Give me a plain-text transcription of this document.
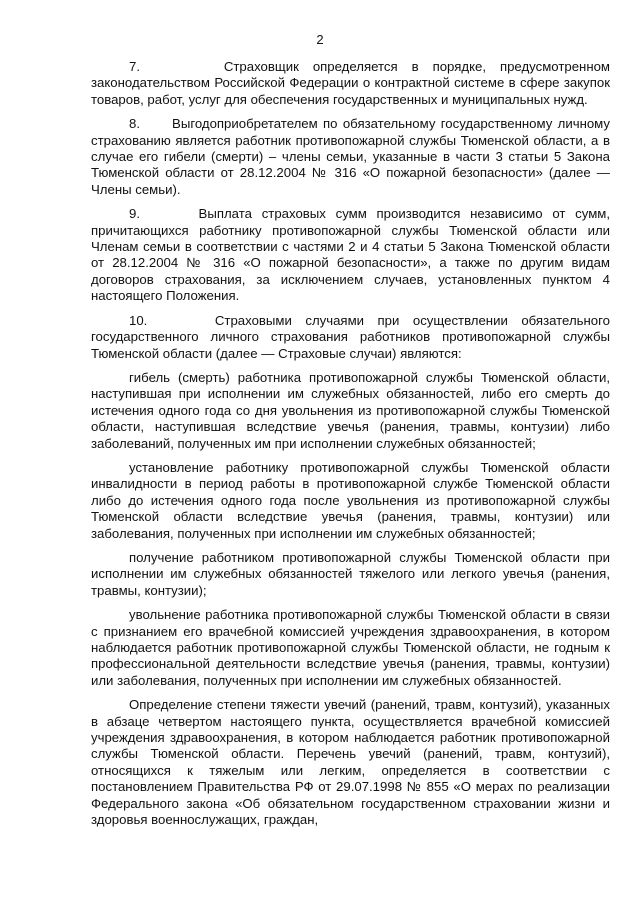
2

7.      Страховщик определяется в порядке, предусмотренном законодательством Российской Федерации о контрактной системе в сфере закупок товаров, работ, услуг для обеспечения государственных и муниципальных нужд.

8.      Выгодоприобретателем по обязательному государственному личному страхованию является работник противопожарной службы Тюменской области, а в случае его гибели (смерти) – члены семьи, указанные в части 3 статьи 5 Закона Тюменской области от 28.12.2004 № 316 «О пожарной безопасности» (далее — Члены семьи).

9.      Выплата страховых сумм производится независимо от сумм, причитающихся работнику противопожарной службы Тюменской области или Членам семьи в соответствии с частями 2 и 4 статьи 5 Закона Тюменской области от 28.12.2004 № 316 «О пожарной безопасности», а также по другим видам договоров страхования, за исключением случаев, установленных пунктом 4 настоящего Положения.

10.     Страховыми случаями при осуществлении обязательного государственного личного страхования работников противопожарной службы Тюменской области (далее — Страховые случаи) являются:

гибель (смерть) работника противопожарной службы Тюменской области, наступившая при исполнении им служебных обязанностей, либо его смерть до истечения одного года со дня увольнения из противопожарной службы Тюменской области, наступившая вследствие увечья (ранения, травмы, контузии) либо заболеваний, полученных им при исполнении служебных обязанностей;

установление работнику противопожарной службы Тюменской области инвалидности в период работы в противопожарной службе Тюменской области либо до истечения одного года после увольнения из противопожарной службы Тюменской области вследствие увечья (ранения, травмы, контузии) или заболевания, полученных при исполнении им служебных обязанностей;

получение работником противопожарной службы Тюменской области при исполнении им служебных обязанностей тяжелого или легкого увечья (ранения, травмы, контузии);

увольнение работника противопожарной службы Тюменской области в связи с признанием его врачебной комиссией учреждения здравоохранения, в котором наблюдается работник противопожарной службы Тюменской области, не годным к профессиональной деятельности вследствие увечья (ранения, травмы, контузии) или заболевания, полученных при исполнении им служебных обязанностей.

Определение степени тяжести увечий (ранений, травм, контузий), указанных в абзаце четвертом настоящего пункта, осуществляется врачебной комиссией учреждения здравоохранения, в котором наблюдается работник противопожарной службы Тюменской области. Перечень увечий (ранений, травм, контузий), относящихся к тяжелым или легким, определяется в соответствии с постановлением Правительства РФ от 29.07.1998 № 855 «О мерах по реализации Федерального закона «Об обязательном государственном страховании жизни и здоровья военнослужащих, граждан,
